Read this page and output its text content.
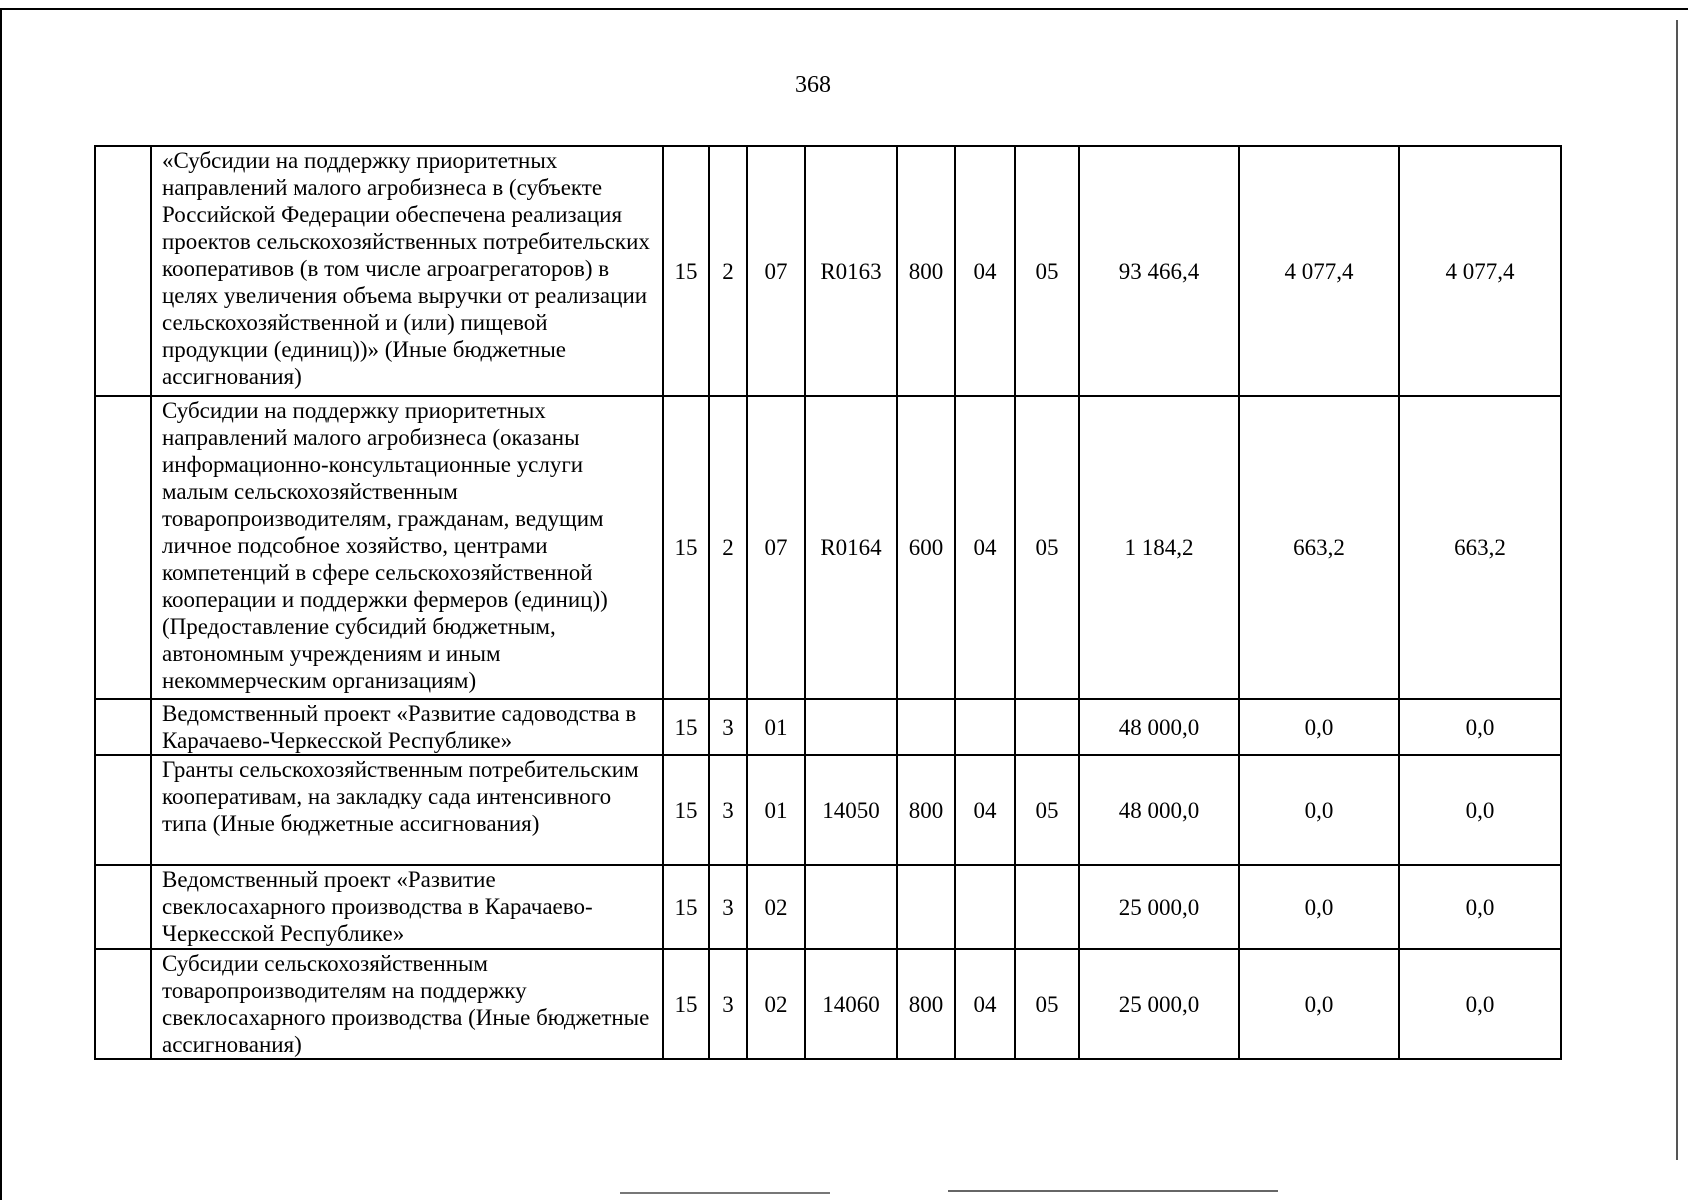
368
	«Субсидии на поддержку приоритетных направлений малого агробизнеса в (субъекте Российской Федерации обеспечена реализация проектов сельскохозяйственных потребительских кооперативов (в том числе агроагрегаторов) в целях увеличения объема выручки от реализации сельскохозяйственной и (или) пищевой продукции (единиц))» (Иные бюджетные ассигнования)	15	2	07	R0163	800	04	05	93 466,4	4 077,4	4 077,4
	Субсидии на поддержку приоритетных направлений малого агробизнеса (оказаны информационно-консультационные услуги малым сельскохозяйственным товаропроизводителям, гражданам, ведущим личное подсобное хозяйство, центрами компетенций в сфере сельскохозяйственной кооперации и поддержки фермеров (единиц)) (Предоставление субсидий бюджетным, автономным учреждениям и иным некоммерческим организациям)	15	2	07	R0164	600	04	05	1 184,2	663,2	663,2
	Ведомственный проект «Развитие садоводства в Карачаево-Черкесской Республике»	15	3	01					48 000,0	0,0	0,0
	Гранты сельскохозяйственным потребительским кооперативам, на закладку сада интенсивного типа (Иные бюджетные ассигнования)	15	3	01	14050	800	04	05	48 000,0	0,0	0,0
	Ведомственный проект «Развитие свеклосахарного производства в Карачаево-Черкесской Республике»	15	3	02					25 000,0	0,0	0,0
	Субсидии сельскохозяйственным товаропроизводителям на поддержку свеклосахарного производства (Иные бюджетные ассигнования)	15	3	02	14060	800	04	05	25 000,0	0,0	0,0
